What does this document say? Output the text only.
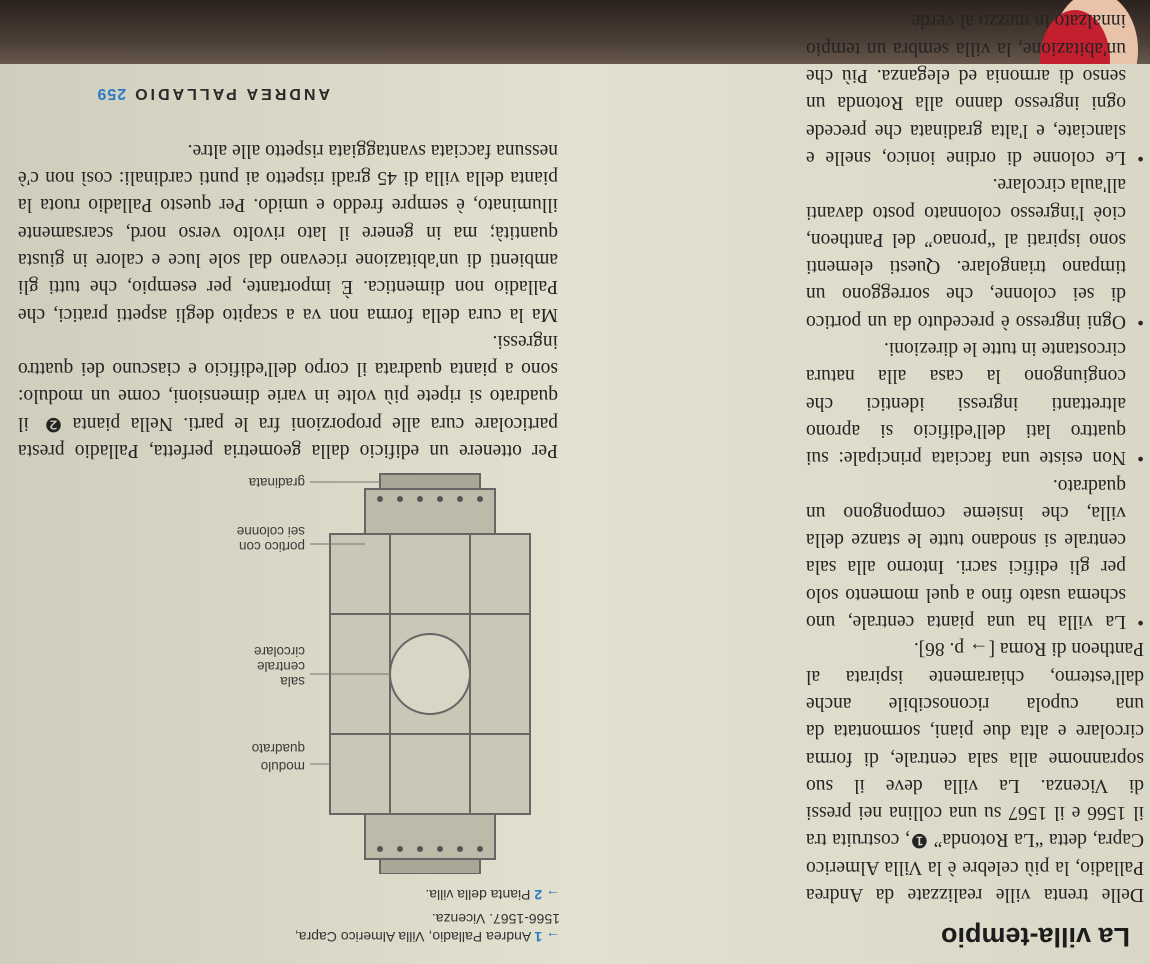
La villa-tempio

Delle trenta ville realizzate da Andrea Palladio, la più celebre è la Villa Almerico Capra, detta “La Rotonda” ❶, costruita tra il 1566 e il 1567 su una collina nei pressi di Vicenza. La villa deve il suo soprannome alla sala centrale, di forma circolare e alta due piani, sormontata da una cupola riconoscibile anche dall'esterno, chiaramente ispirata al Pantheon di Roma [→ p. 86].

• La villa ha una pianta centrale, uno schema usato fino a quel momento solo per gli edifici sacri. Intorno alla sala centrale si snodano tutte le stanze della villa, che insieme compongono un quadrato.

• Non esiste una facciata principale: sui quattro lati dell'edificio si aprono altrettanti ingressi identici che congiungono la casa alla natura circostante in tutte le direzioni.

• Ogni ingresso è preceduto da un portico di sei colonne, che sorreggono un timpano triangolare. Questi elementi sono ispirati al “pronao” del Pantheon, cioè l'ingresso colonnato posto davanti all'aula circolare.

• Le colonne di ordine ionico, snelle e slanciate, e l'alta gradinata che precede ogni ingresso danno alla Rotonda un senso di armonia ed eleganza. Più che un'abitazione, la villa sembra un tempio innalzato in mezzo al verde.

→ 1 Andrea Palladio, Villa Almerico Capra, 1566-1567. Vicenza.
→ 2 Pianta della villa.
modulo
quadrato
sala centrale circolare
portico con sei colonne
gradinata

Per ottenere un edificio dalla geometria perfetta, Palladio presta particolare cura alle proporzioni fra le parti. Nella pianta ❷ il quadrato si ripete più volte in varie dimensioni, come un modulo: sono a pianta quadrata il corpo dell'edificio e ciascuno dei quattro ingressi.

Ma la cura della forma non va a scapito degli aspetti pratici, che Palladio non dimentica. È importante, per esempio, che tutti gli ambienti di un'abitazione ricevano dal sole luce e calore in giusta quantità; ma in genere il lato rivolto verso nord, scarsamente illuminato, è sempre freddo e umido. Per questo Palladio ruota la pianta della villa di 45 gradi rispetto ai punti cardinali: così non c'è nessuna facciata svantaggiata rispetto alle altre.

ANDREA PALLADIO259
